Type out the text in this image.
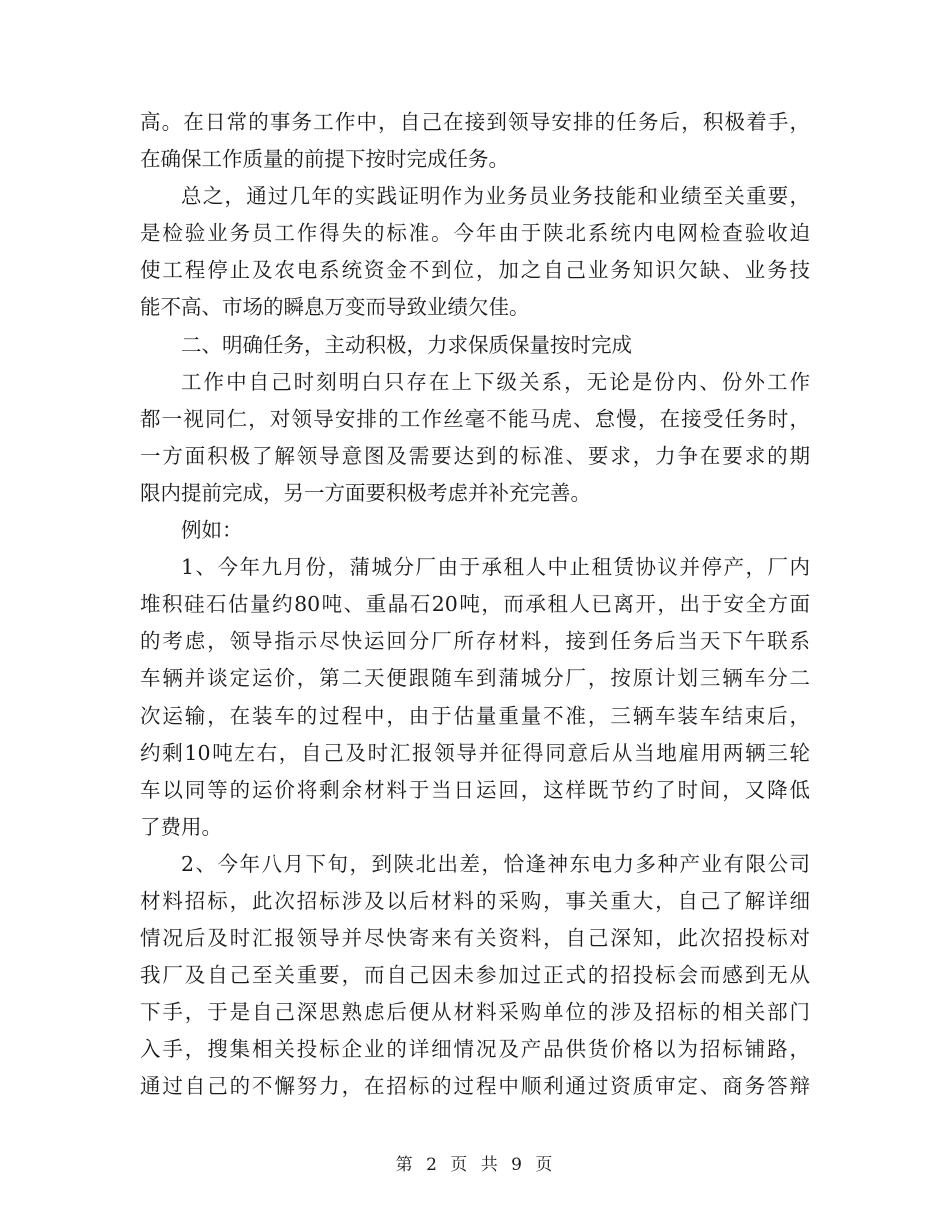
高。在日常的事务工作中，自己在接到领导安排的任务后，积极着手，
在确保工作质量的前提下按时完成任务。
总之，通过几年的实践证明作为业务员业务技能和业绩至关重要，
是检验业务员工作得失的标准。今年由于陕北系统内电网检查验收迫
使工程停止及农电系统资金不到位，加之自己业务知识欠缺、业务技
能不高、市场的瞬息万变而导致业绩欠佳。
二、明确任务，主动积极，力求保质保量按时完成
工作中自己时刻明白只存在上下级关系，无论是份内、份外工作
都一视同仁，对领导安排的工作丝毫不能马虎、怠慢，在接受任务时，
一方面积极了解领导意图及需要达到的标准、要求，力争在要求的期
限内提前完成，另一方面要积极考虑并补充完善。
例如：
1、今年九月份，蒲城分厂由于承租人中止租赁协议并停产，厂内
堆积硅石估量约80吨、重晶石20吨，而承租人已离开，出于安全方面
的考虑，领导指示尽快运回分厂所存材料，接到任务后当天下午联系
车辆并谈定运价，第二天便跟随车到蒲城分厂，按原计划三辆车分二
次运输，在装车的过程中，由于估量重量不准，三辆车装车结束后，
约剩10吨左右，自己及时汇报领导并征得同意后从当地雇用两辆三轮
车以同等的运价将剩余材料于当日运回，这样既节约了时间，又降低
了费用。
2、今年八月下旬，到陕北出差，恰逢神东电力多种产业有限公司
材料招标，此次招标涉及以后材料的采购，事关重大，自己了解详细
情况后及时汇报领导并尽快寄来有关资料，自己深知，此次招投标对
我厂及自己至关重要，而自己因未参加过正式的招投标会而感到无从
下手，于是自己深思熟虑后便从材料采购单位的涉及招标的相关部门
入手，搜集相关投标企业的详细情况及产品供货价格以为招标铺路，
通过自己的不懈努力，在招标的过程中顺利通过资质审定、商务答辩
第 2 页 共 9 页
